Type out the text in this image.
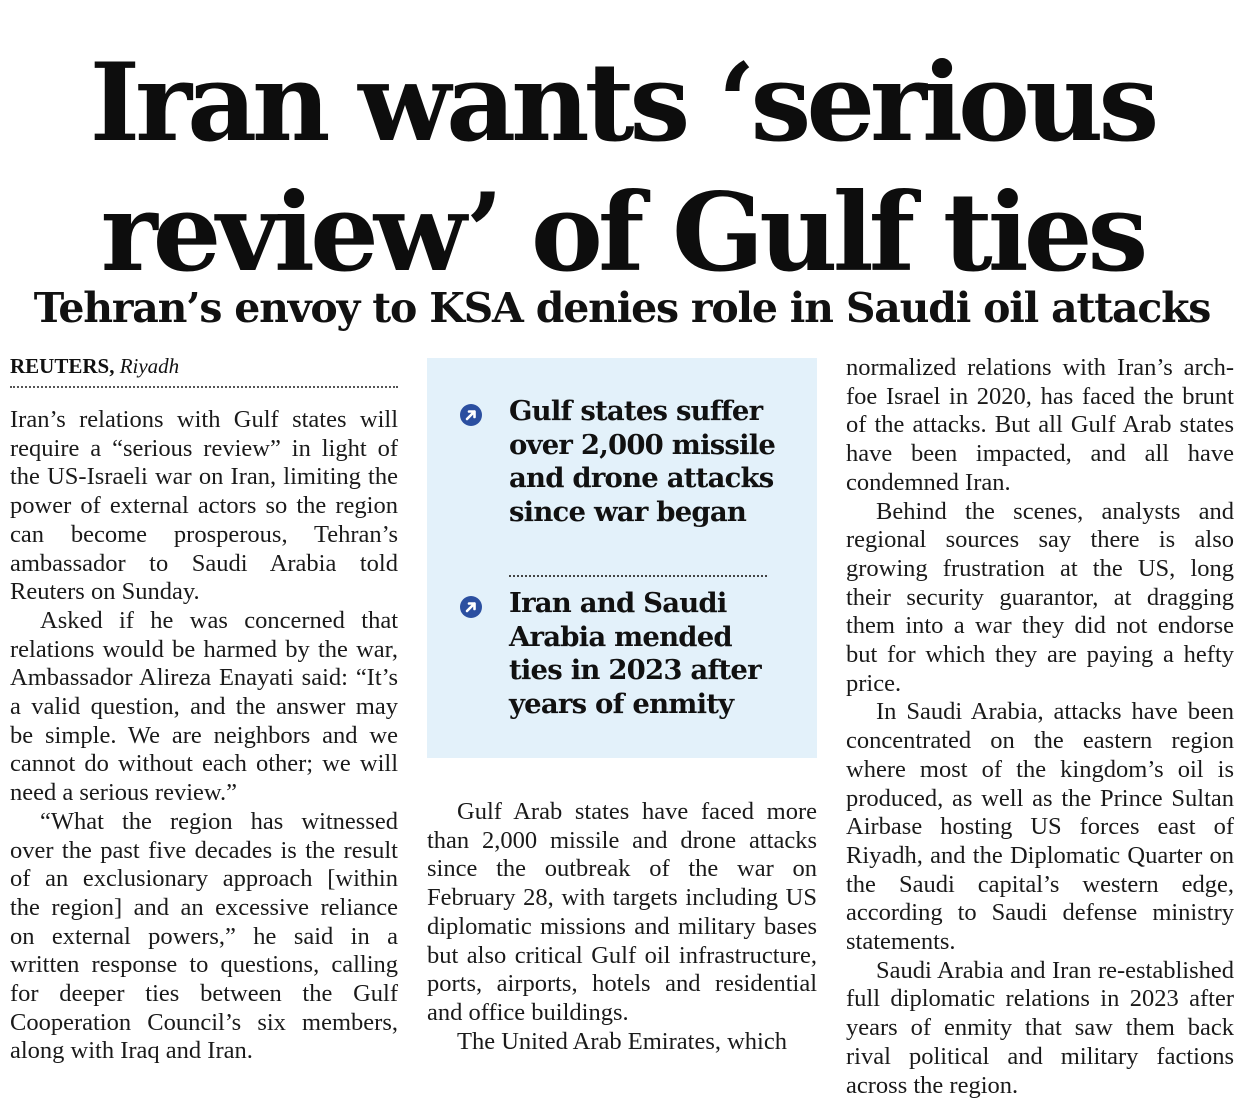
Iran wants ‘serious
review’ of Gulf ties
Tehran’s envoy to KSA denies role in Saudi oil attacks
REUTERS, Riyadh

Iran’s relations with Gulf states will require a “serious review” in light of the US-Israeli war on Iran, limiting the power of external actors so the region can become prosperous, Tehran’s ambassador to Saudi Arabia told Reuters on Sunday.

Asked if he was concerned that relations would be harmed by the war, Ambassador Alireza Enayati said: “It’s a valid question, and the answer may be simple. We are neighbors and we cannot do without each other; we will need a serious review.”

“What the region has witnessed over the past five decades is the result of an exclusionary approach [within the region] and an excessive reliance on external powers,” he said in a written response to questions, calling for deeper ties between the Gulf Cooperation Council’s six members, along with Iraq and Iran.

Gulf states suffer over 2,000 missile and drone attacks since war began
Iran and Saudi Arabia mended ties in 2023 after years of enmity

Gulf Arab states have faced more than 2,000 missile and drone attacks since the outbreak of the war on February 28, with targets including US diplomatic missions and military bases but also critical Gulf oil infrastructure, ports, airports, hotels and residential and office buildings.

The United Arab Emirates, which

normalized relations with Iran’s arch-foe Israel in 2020, has faced the brunt of the attacks. But all Gulf Arab states have been impacted, and all have condemned Iran.

Behind the scenes, analysts and regional sources say there is also growing frustration at the US, long their security guarantor, at dragging them into a war they did not endorse but for which they are paying a hefty price.

In Saudi Arabia, attacks have been concentrated on the eastern region where most of the kingdom’s oil is produced, as well as the Prince Sultan Airbase hosting US forces east of Riyadh, and the Diplomatic Quarter on the Saudi capital’s western edge, according to Saudi defense ministry statements.

Saudi Arabia and Iran re-established full diplomatic relations in 2023 after years of enmity that saw them back rival political and military factions across the region.
